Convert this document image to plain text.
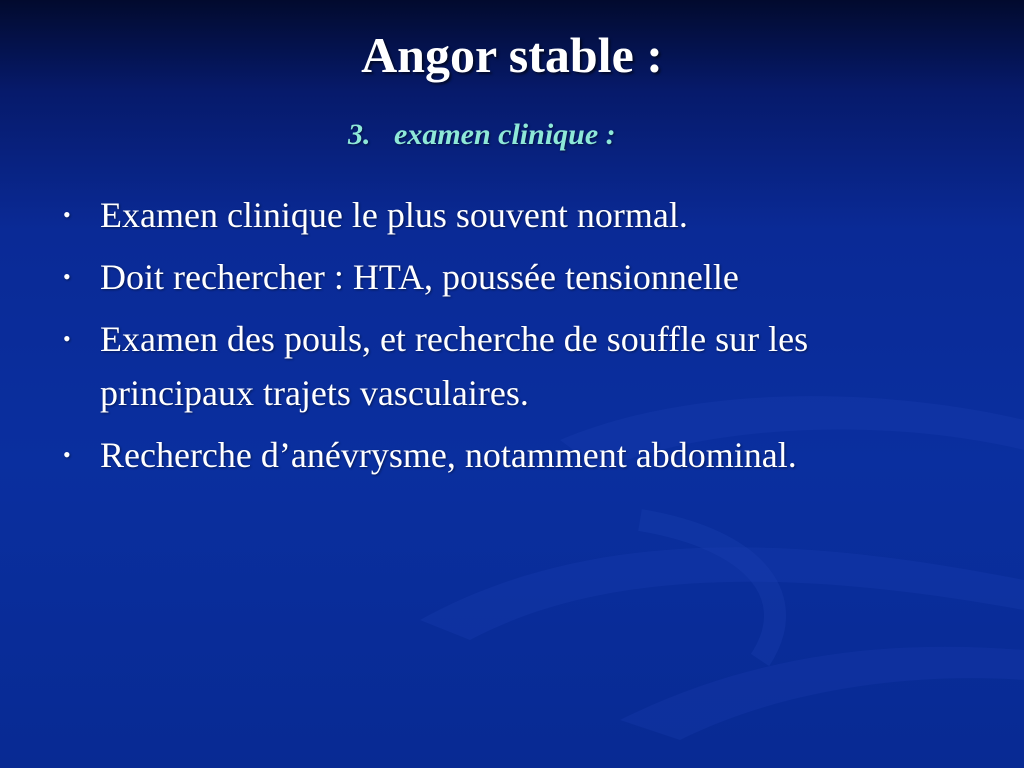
Angor stable :
3. examen clinique :
• Examen clinique le plus souvent normal.
• Doit rechercher : HTA, poussée tensionnelle
• Examen des pouls, et recherche de souffle sur les principaux trajets vasculaires.
• Recherche d’anévrysme, notamment abdominal.
